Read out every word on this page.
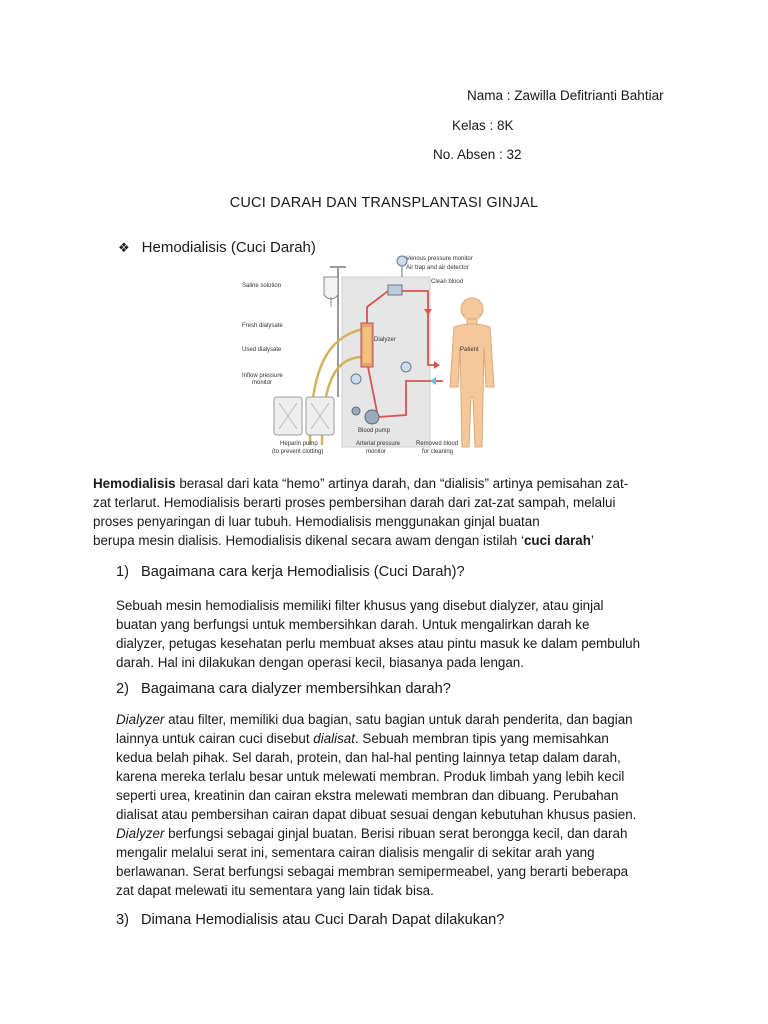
Nama : Zawilla Defitrianti Bahtiar
Kelas : 8K
No. Absen : 32
CUCI DARAH DAN TRANSPLANTASI GINJAL
❖ Hemodialisis (Cuci Darah)
Venous pressure monitor
Air trap and air detector
Clean blood
Saline solution
Fresh dialysate
Used dialysate
Dialyzer
Inflow pressure
monitor
Patient
Blood pump
Heparin pump
(to prevent clotting)
Arterial pressure
monitor
Removed blood
for cleaning
Hemodialisis berasal dari kata “hemo” artinya darah, dan “dialisis” artinya pemisahan zat-
zat terlarut. Hemodialisis berarti proses pembersihan darah dari zat-zat sampah, melalui
proses penyaringan di luar tubuh. Hemodialisis menggunakan ginjal buatan
berupa mesin dialisis. Hemodialisis dikenal secara awam dengan istilah ‘cuci darah’
1) Bagaimana cara kerja Hemodialisis (Cuci Darah)?
Sebuah mesin hemodialisis memiliki filter khusus yang disebut dialyzer, atau ginjal
buatan yang berfungsi untuk membersihkan darah. Untuk mengalirkan darah ke
dialyzer, petugas kesehatan perlu membuat akses atau pintu masuk ke dalam pembuluh
darah. Hal ini dilakukan dengan operasi kecil, biasanya pada lengan.
2) Bagaimana cara dialyzer membersihkan darah?
Dialyzer atau filter, memiliki dua bagian, satu bagian untuk darah penderita, dan bagian
lainnya untuk cairan cuci disebut dialisat. Sebuah membran tipis yang memisahkan
kedua belah pihak. Sel darah, protein, dan hal-hal penting lainnya tetap dalam darah,
karena mereka terlalu besar untuk melewati membran. Produk limbah yang lebih kecil
seperti urea, kreatinin dan cairan ekstra melewati membran dan dibuang. Perubahan
dialisat atau pembersihan cairan dapat dibuat sesuai dengan kebutuhan khusus pasien.
Dialyzer berfungsi sebagai ginjal buatan. Berisi ribuan serat berongga kecil, dan darah
mengalir melalui serat ini, sementara cairan dialisis mengalir di sekitar arah yang
berlawanan. Serat berfungsi sebagai membran semipermeabel, yang berarti beberapa
zat dapat melewati itu sementara yang lain tidak bisa.
3) Dimana Hemodialisis atau Cuci Darah Dapat dilakukan?
